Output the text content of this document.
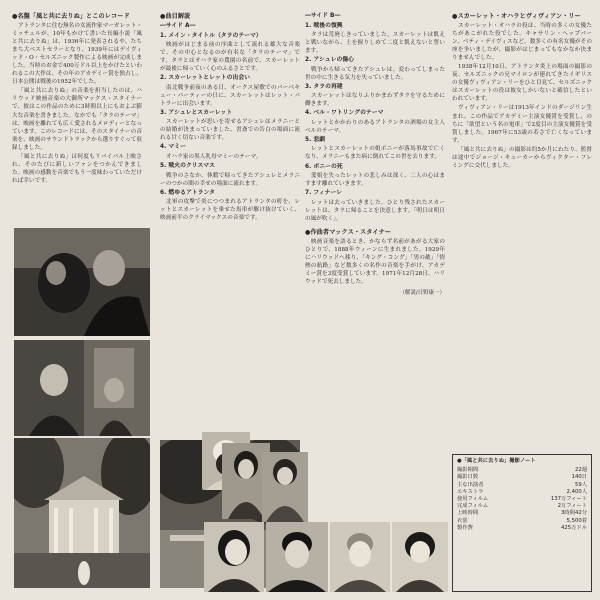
●名盤「風と共に去りぬ」とこのレコード

アトランタに住む無名の女流作家マーガレット・ミッチェルが、10年もかけて書いた長編小説「風と共に去りぬ」は、1936年に発表されるや、たちまち大ベストセラーとなり、1939年にはデイヴィッド・O・セルズニック製作による映画が完成しました。当時のお金で400万ドル以上をかけたといわれるこの大作は、その年のアカデミー賞を独占し、日本公開は戦後の1952年でした。

「風と共に去りぬ」の音楽を担当したのは、ハリウッド映画音楽の大御所マックス・スタイナーで、彼はこの作品のために3時間以上にもおよぶ膨大な音楽を書きました。なかでも「タラのテーマ」は、映画を離れても広く愛されるメロディーとなっています。このレコードには、そのスタイナーの音楽を、映画のサウンドトラックから選りすぐって収録しました。

「風と共に去りぬ」は何度もリバイバル上映され、そのたびに新しいファンをつかんできました。映画の感動を音楽でもう一度味わっていただければ幸いです。

●曲目解説

―サイド A―

1. メイン・タイトル（タラのテーマ）

映画がはじまる前の序曲として流れる雄大な音楽で、その中心となるのが有名な「タラのテーマ」です。タラとはオハラ家の農園の名前で、スカーレットが最後に帰っていく心のふるさとです。

2. スカーレットとレットの出会い

南北戦争前夜のある日、オークス屋敷でのバーベキュー・パーティーの日に、スカーレットはレット・バトラーに出会います。

3. アシュレとスカーレット

スカーレットが思いを寄せるアシュレはメラニーとの結婚が決まっていました。書斎での告白の場面に流れる甘く切ない音楽です。

4. マミー

オハラ家の黒人乳母マミーのテーマ。

5. 戦火のクリスマス

戦争のさなか、休暇で帰ってきたアシュレとメラニーのつかの間の幸せの場面に流れます。

6. 燃ゆるアトランタ

北軍の攻撃で炎につつまれるアトランタの町を、レットとスカーレットを乗せた馬車が駆け抜けていく、映画前半のクライマックスの音楽です。

―サイド B―

1. 戦後の復興

タラは荒廃しきっていました。スカーレットは飢えと戦いながら、土を握りしめて二度と飢えないと誓います。

2. アシュレの傷心

戦争から帰ってきたアシュレは、変わってしまった世の中に生きる気力を失っていました。

3. タラの再建

スカーレットはなりふりかまわずタラを守るために働きます。

4. ベル・ワトリングのテーマ

レットとかかわりのあるアトランタの酒場の女主人ベルのテーマ。

5. 悲劇

レットとスカーレットの娘ボニーが落馬事故で亡くなり、メラニーもまた病に倒れてこの世を去ります。

6. ボニーの死

愛娘を失ったレットの悲しみは深く、二人の心はますます離れていきます。

7. フィナーレ

レットは去っていきました。ひとり残されたスカーレットは、タラに帰ることを決意します。「明日は明日の風が吹く」。

●作曲者マックス・スタイナー

映画音楽を語るとき、かならず名前があがる大家のひとりで、1888年ウィーンに生まれました。1929年にハリウッドへ移り、「キング・コング」「男の敵」「情熱の航路」など数多くの名作の音楽を手がけ、アカデミー賞を3度受賞しています。1971年12月28日、ハリウッドで死去しました。

（解説/日野康一）

●スカーレット・オハラとヴィヴィアン・リー

スカーレット・オハラの役は、当時の多くの女優たちがあこがれた役でした。キャサリン・ヘップバーン、ベティ・デイヴィスなど、数多くの有名女優がその座を争いましたが、撮影がはじまってもなかなか決まりませんでした。

1938年12月10日、アトランタ炎上の場面の撮影の夜、セルズニックの兄マイロンが連れてきたイギリスの女優ヴィヴィアン・リーをひと目見て、セルズニックはスカーレットの役は彼女しかいないと確信したといわれています。

ヴィヴィアン・リーは1913年インドのダージリン生まれ。この作品でアカデミー主演女優賞を受賞し、のちに「欲望という名の電車」で2度目の主演女優賞を受賞しました。1967年に53歳の若さで亡くなっています。

「風と共に去りぬ」の撮影は約5か月にわたり、監督は途中でジョージ・キューカーからヴィクター・フレミングに交代しました。

●「風と共に去りぬ」撮影ノート
撮影期間	22週
撮影日数	140日
主な出演者	59人
エキストラ	2,400人
使用フィルム	137万フィート
完成フィルム	2万フィート
上映時間	3時間42分
衣裳	5,500着
製作費	425万ドル
